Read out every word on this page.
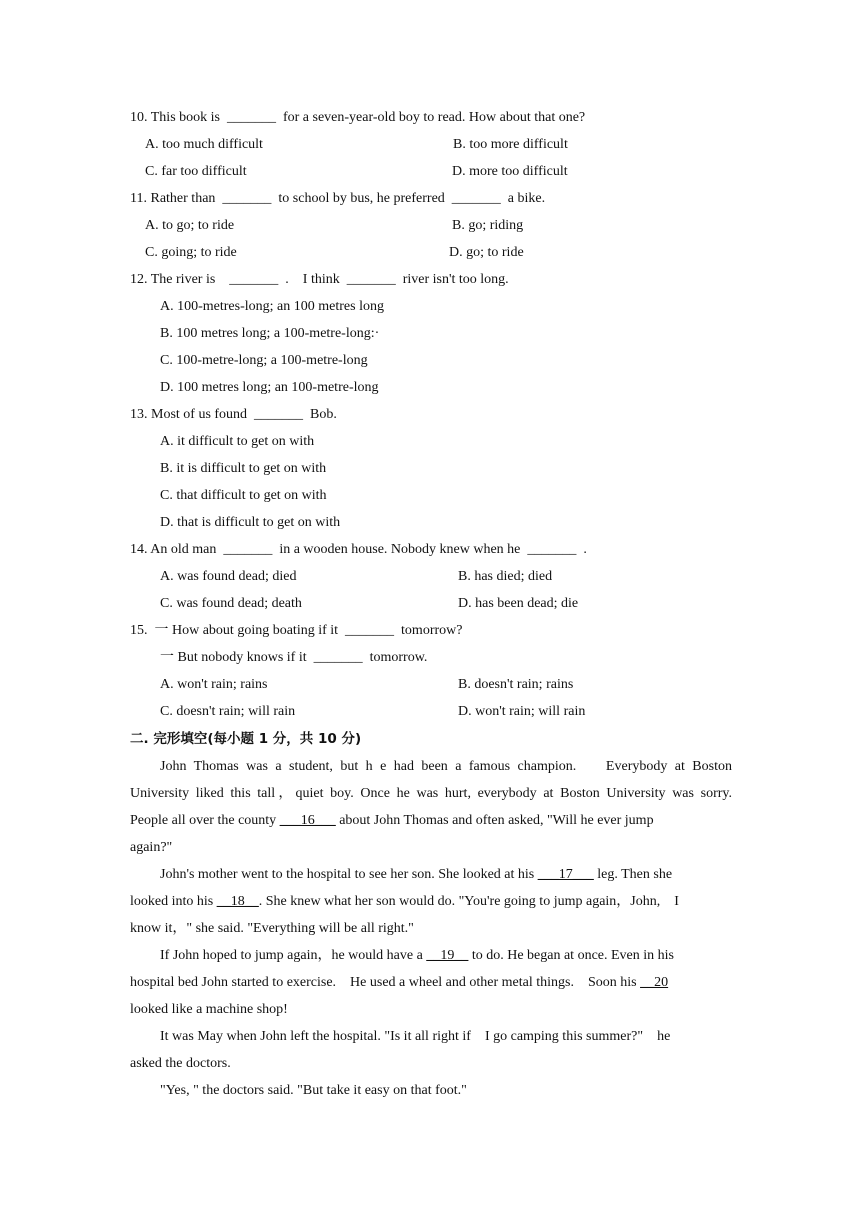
10. This book is  _______  for a seven-year-old boy to read. How about that one?
A. too much difficult	B. too more difficult
C. far too difficult	D. more too difficult
11. Rather than  _______  to school by bus, he preferred  _______  a bike.
A. to go; to ride	B. go; riding
C. going; to ride	D. go; to ride
12. The river is    _______  .    I think  _______  river isn't too long.
A. 100-metres-long; an 100 metres long
B. 100 metres long; a 100-metre-long:·
C. 100-metre-long; a 100-metre-long
D. 100 metres long; an 100-metre-long
13. Most of us found  _______  Bob.
A. it difficult to get on with
B. it is difficult to get on with
C. that difficult to get on with
D. that is difficult to get on with
14. An old man  _______  in a wooden house. Nobody knew when he  _______  .
A. was found dead; died	B. has died; died
C. was found dead; death	D. has been dead; die
15.  一 How about going boating if it  _______  tomorrow?
一 But nobody knows if it  _______  tomorrow.
A. won't rain; rains	B. doesn't rain; rains
C. doesn't rain; will rain	D. won't rain; will rain
二. 完形填空(每小题 1 分，共 10 分)
John Thomas was a student, but h e had been a famous champion.    Everybody at Boston
University liked this tall，quiet boy. Once he was hurt, everybody at Boston University was sorry.
People all over the county ___16___ about John Thomas and often asked, "Will he ever jump
again?"
John's mother went to the hospital to see her son. She looked at his ___17___ leg. Then she
looked into his __18__. She knew what her son would do. "You're going to jump again，John,    I
know it，" she said. "Everything will be all right."
If John hoped to jump again，he would have a __19__ to do. He began at once. Even in his
hospital bed John started to exercise.    He used a wheel and other metal things.    Soon his __20
looked like a machine shop!
It was May when John left the hospital. "Is it all right if    I go camping this summer?"    he
asked the doctors.
"Yes, " the doctors said. "But take it easy on that foot."
